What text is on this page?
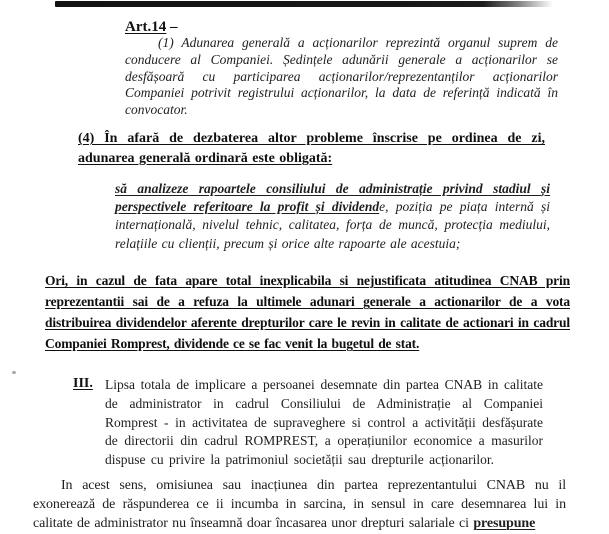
Art.14 –

(1) Adunarea generală a acționarilor reprezintă organul suprem de conducere al Companiei. Ședințele adunării generale a acționarilor se desfășoară cu participarea acționarilor/reprezentanților acționarilor Companiei potrivit registrului acționarilor, la data de referință indicată în convocator.

(4) În afară de dezbaterea altor probleme înscrise pe ordinea de zi, adunarea generală ordinară este obligată:

să analizeze rapoartele consiliului de administrație privind stadiul și perspectivele referitoare la profit și dividende, poziția pe piața internă și internațională, nivelul tehnic, calitatea, forța de muncă, protecția mediului, relațiile cu clienții, precum și orice alte rapoarte ale acestuia;

Ori, in cazul de fata apare total inexplicabila si nejustificata atitudinea CNAB prin reprezentantii sai de a refuza la ultimele adunari generale a actionarilor de a vota distribuirea dividendelor aferente drepturilor care le revin in calitate de actionari in cadrul Companiei Romprest, dividende ce se fac venit la bugetul de stat.

III. Lipsa totala de implicare a persoanei desemnate din partea CNAB in calitate de administrator in cadrul Consiliului de Administrație al Companiei Romprest - in activitatea de supraveghere si control a activității desfășurate de directorii din cadrul ROMPREST, a operațiunilor economice a masurilor dispuse cu privire la patrimoniul societății sau drepturile acționarilor.

In acest sens, omisiunea sau inacțiunea din partea reprezentantului CNAB nu il exonerează de răspunderea ce ii incumba in sarcina, in sensul in care desemnarea lui in calitate de administrator nu înseamnă doar încasarea unor drepturi salariale ci presupune
